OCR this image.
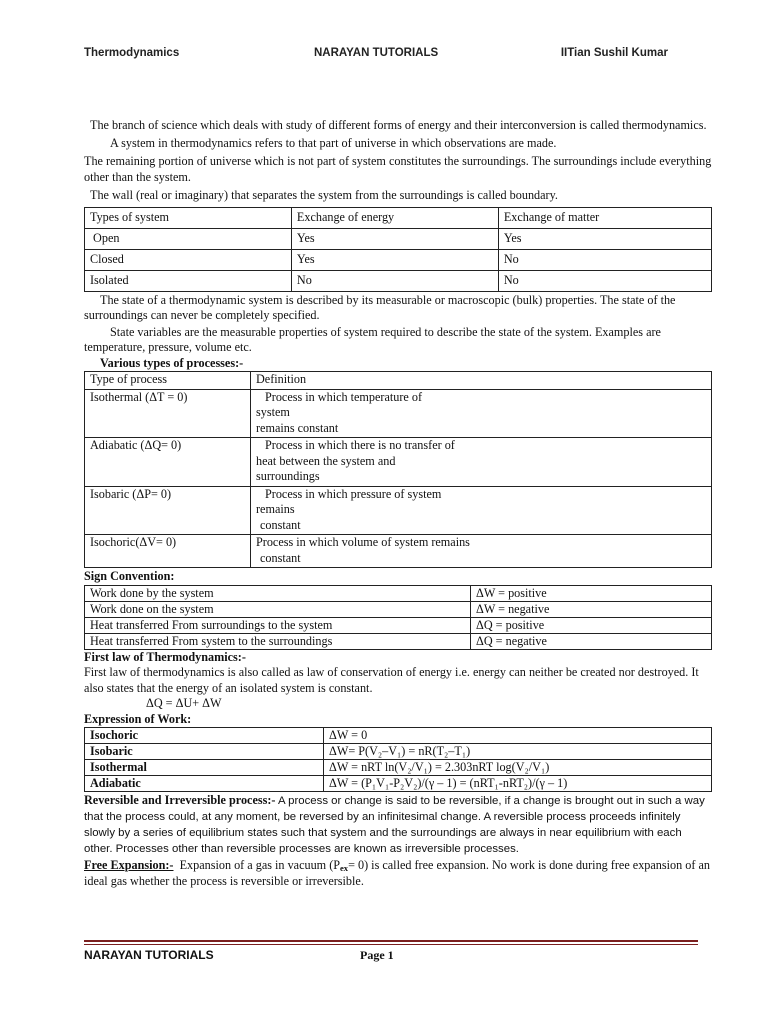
Thermodynamics	NARAYAN TUTORIALS	IITian Sushil Kumar

The branch of science which deals with study of different forms of energy and their interconversion is called thermodynamics.

A system in thermodynamics refers to that part of universe in which observations are made.

The remaining portion of universe which is not part of system constitutes the surroundings. The surroundings include everything other than the system.

The wall (real or imaginary) that separates the system from the surroundings is called boundary.

Types of system	Exchange of energy	Exchange of matter
Open	Yes	Yes
Closed	Yes	No
Isolated	No	No

The state of a thermodynamic system is described by its measurable or macroscopic (bulk) properties. The state of the surroundings can never be completely specified.

State variables are the measurable properties of system required to describe the state of the system. Examples are temperature, pressure, volume etc.

Various types of processes:-

Type of process	Definition
Isothermal (ΔT = 0)	Process in which temperature of
system
remains constant

Adiabatic (ΔQ= 0)	Process in which there is no transfer of
heat between the system and
surroundings

Isobaric (ΔP= 0)	Process in which pressure of system
remains
constant

Isochoric(ΔV= 0)	Process in which volume of system remains
constant

Sign Convention:

Work done by the system	ΔW = positive
Work done on the system	ΔW = negative
Heat transferred From surroundings to the system	ΔQ = positive
Heat transferred From system to the surroundings	ΔQ = negative

First law of Thermodynamics:-

First law of thermodynamics is also called as law of conservation of energy i.e. energy can neither be created nor destroyed. It also states that the energy of an isolated system is constant.

ΔQ = ΔU+ ΔW

Expression of Work:

Isochoric	ΔW = 0
Isobaric	ΔW= P(V₂–V₁) = nR(T₂–T₁)
Isothermal	ΔW = nRT ln(V₂/V₁) = 2.303nRT log(V₂/V₁)
Adiabatic	ΔW = (P₁V₁-P₂V₂)/(γ – 1) = (nRT₁-nRT₂)/(γ – 1)

Reversible and Irreversible process:- A process or change is said to be reversible, if a change is brought out in such a way that the process could, at any moment, be reversed by an infinitesimal change. A reversible process proceeds infinitely slowly by a series of equilibrium states such that system and the surroundings are always in near equilibrium with each other. Processes other than reversible processes are known as irreversible processes.

Free Expansion:-  Expansion of a gas in vacuum $(P_{ex}= 0)$ is called free expansion. No work is done during free expansion of an ideal gas whether the process is reversible or irreversible.

NARAYAN TUTORIALS	Page 1
